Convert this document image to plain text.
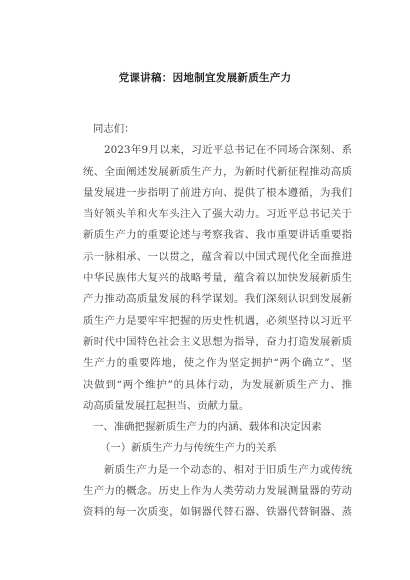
党课讲稿：因地制宜发展新质生产力
同志们：
2023年9月以来，习近平总书记在不同场合深刻、系
统、全面阐述发展新质生产力，为新时代新征程推动高质
量发展进一步指明了前进方向、提供了根本遵循，为我们
当好领头羊和火车头注入了强大动力。习近平总书记关于
新质生产力的重要论述与考察我省、我市重要讲话重要指
示一脉相承、一以贯之，蕴含着以中国式现代化全面推进
中华民族伟大复兴的战略考量，蕴含着以加快发展新质生
产力推动高质量发展的科学谋划。我们深刻认识到发展新
质生产力是要牢牢把握的历史性机遇，必须坚持以习近平
新时代中国特色社会主义思想为指导，奋力打造发展新质
生产力的重要阵地，使之作为坚定拥护“两个确立”、坚
决做到“两个维护”的具体行动，为发展新质生产力、推
动高质量发展扛起担当、贡献力量。
一、准确把握新质生产力的内涵、载体和决定因素
（一）新质生产力与传统生产力的关系
新质生产力是一个动态的、相对于旧质生产力或传统
生产力的概念。历史上作为人类劳动力发展测量器的劳动
资料的每一次质变，如铜器代替石器、铁器代替铜器、蒸
